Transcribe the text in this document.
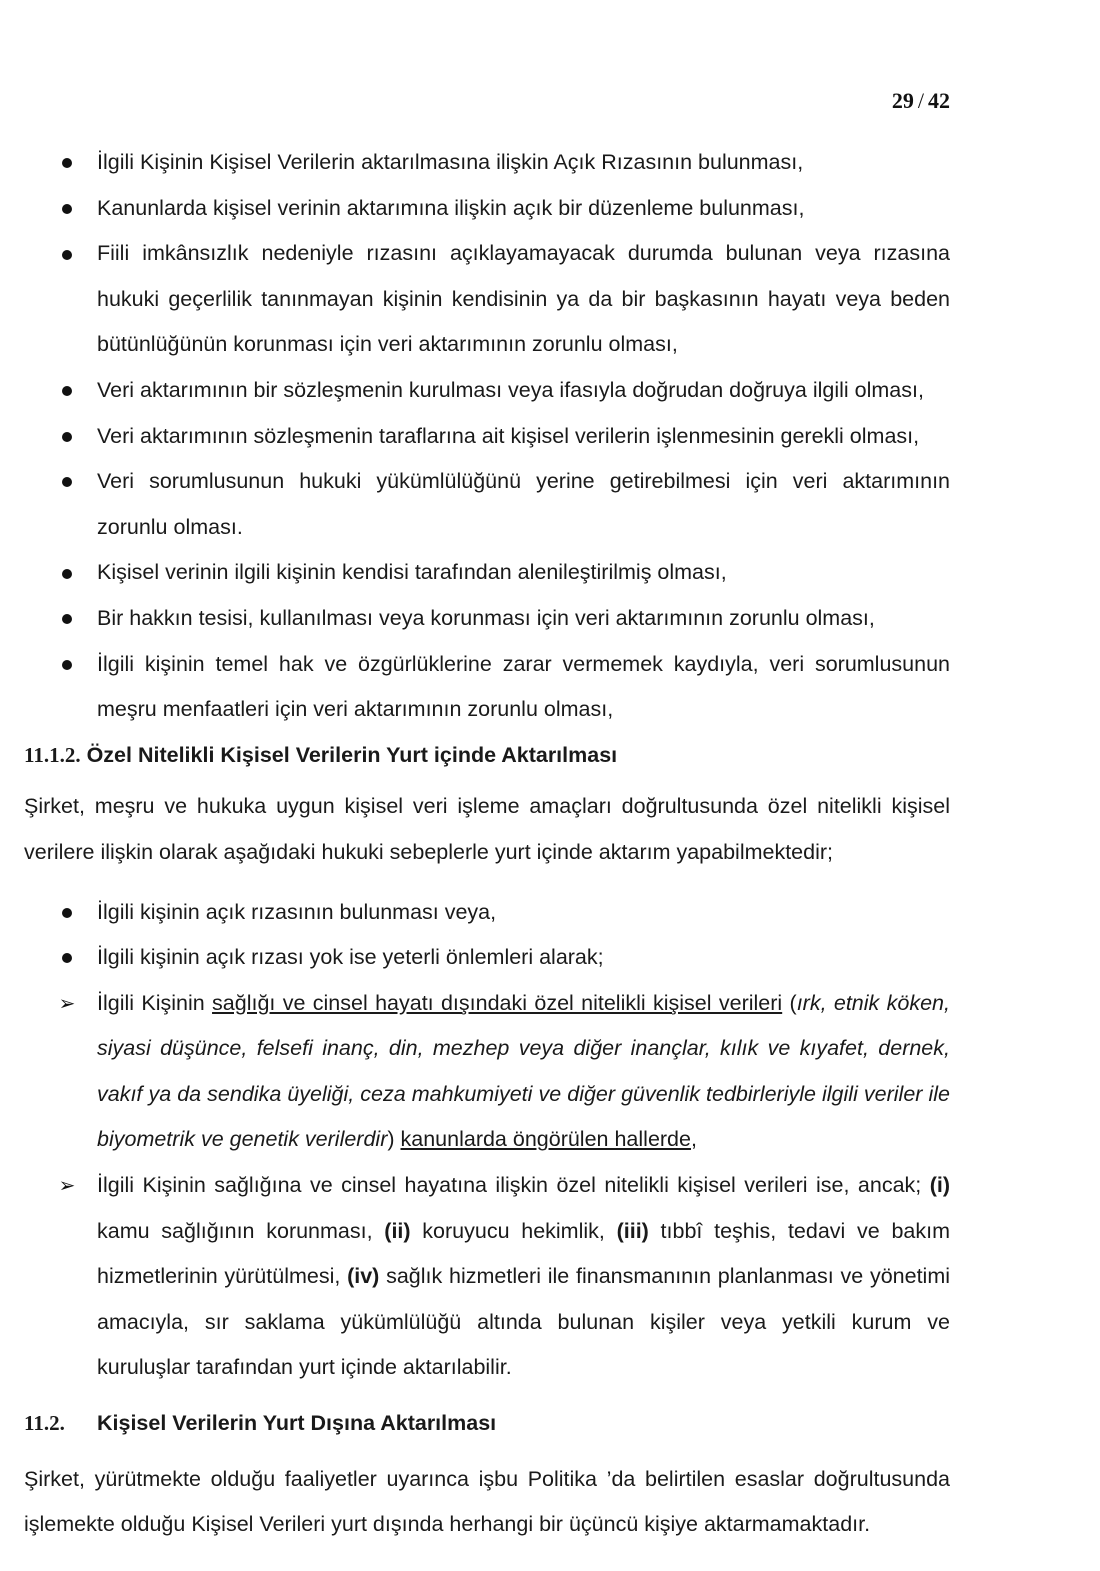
29 / 42
İlgili Kişinin Kişisel Verilerin aktarılmasına ilişkin Açık Rızasının bulunması,
Kanunlarda kişisel verinin aktarımına ilişkin açık bir düzenleme bulunması,
Fiili imkânsızlık nedeniyle rızasını açıklayamayacak durumda bulunan veya rızasına hukuki geçerlilik tanınmayan kişinin kendisinin ya da bir başkasının hayatı veya beden bütünlüğünün korunması için veri aktarımının zorunlu olması,
Veri aktarımının bir sözleşmenin kurulması veya ifasıyla doğrudan doğruya ilgili olması,
Veri aktarımının sözleşmenin taraflarına ait kişisel verilerin işlenmesinin gerekli olması,
Veri sorumlusunun hukuki yükümlülüğünü yerine getirebilmesi için veri aktarımının zorunlu olması.
Kişisel verinin ilgili kişinin kendisi tarafından alenileştirilmiş olması,
Bir hakkın tesisi, kullanılması veya korunması için veri aktarımının zorunlu olması,
İlgili kişinin temel hak ve özgürlüklerine zarar vermemek kaydıyla, veri sorumlusunun meşru menfaatleri için veri aktarımının zorunlu olması,
11.1.2. Özel Nitelikli Kişisel Verilerin Yurt içinde Aktarılması
Şirket, meşru ve hukuka uygun kişisel veri işleme amaçları doğrultusunda özel nitelikli kişisel verilere ilişkin olarak aşağıdaki hukuki sebeplerle yurt içinde aktarım yapabilmektedir;
İlgili kişinin açık rızasının bulunması veya,
İlgili kişinin açık rızası yok ise yeterli önlemleri alarak;
➢ İlgili Kişinin sağlığı ve cinsel hayatı dışındaki özel nitelikli kişisel verileri (ırk, etnik köken, siyasi düşünce, felsefi inanç, din, mezhep veya diğer inançlar, kılık ve kıyafet, dernek, vakıf ya da sendika üyeliği, ceza mahkumiyeti ve diğer güvenlik tedbirleriyle ilgili veriler ile biyometrik ve genetik verilerdir) kanunlarda öngörülen hallerde,
➢ İlgili Kişinin sağlığına ve cinsel hayatına ilişkin özel nitelikli kişisel verileri ise, ancak; (i) kamu sağlığının korunması, (ii) koruyucu hekimlik, (iii) tıbbî teşhis, tedavi ve bakım hizmetlerinin yürütülmesi, (iv) sağlık hizmetleri ile finansmanının planlanması ve yönetimi amacıyla, sır saklama yükümlülüğü altında bulunan kişiler veya yetkili kurum ve kuruluşlar tarafından yurt içinde aktarılabilir.
11.2. Kişisel Verilerin Yurt Dışına Aktarılması
Şirket, yürütmekte olduğu faaliyetler uyarınca işbu Politika ’da belirtilen esaslar doğrultusunda işlemekte olduğu Kişisel Verileri yurt dışında herhangi bir üçüncü kişiye aktarmamaktadır.
